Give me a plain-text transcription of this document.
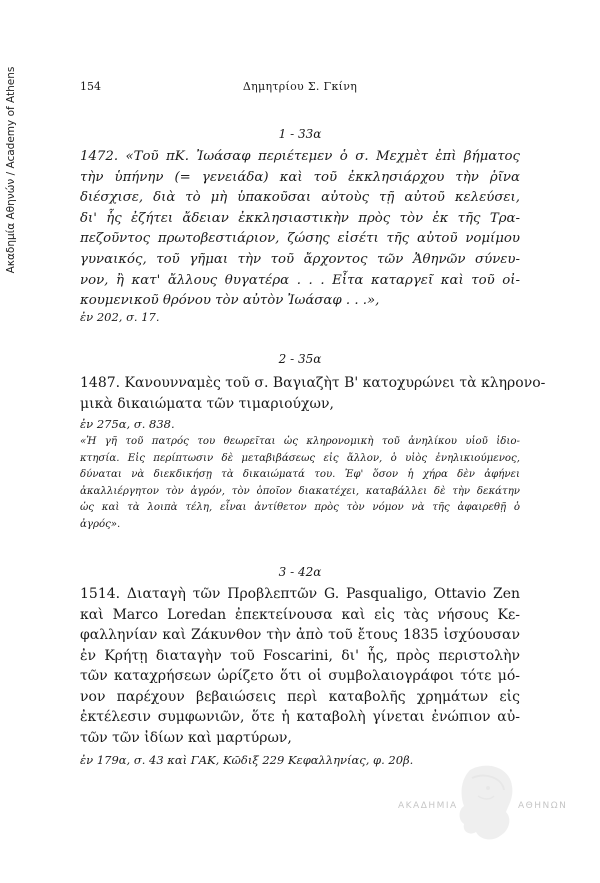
Ακαδημία Αθηνών / Academy of Athens	154	Δημητρίου Σ. Γκίνη
1 - 33α
1472. «Τοῦ πΚ. Ἰωάσαφ περιέτεμεν ὁ σ. Μεχμὲτ ἐπὶ βήματος
τὴν ὑπήνην (= γενειάδα) καὶ τοῦ ἐκκλησιάρχου τὴν ῥῖνα
διέσχισε, διὰ τὸ μὴ ὑπακοῦσαι αὐτοὺς τῇ αὐτοῦ κελεύσει,
δι' ἧς ἐζήτει ἄδειαν ἐκκλησιαστικὴν πρὸς τὸν ἐκ τῆς Τρα-
πεζοῦντος πρωτοβεστιάριον, ζώσης εἰσέτι τῆς αὐτοῦ νομίμου
γυναικός, τοῦ γῆμαι τὴν τοῦ ἄρχοντος τῶν Ἀθηνῶν σύνευ-
νον, ἢ κατ' ἄλλους θυγατέρα . . . Εἶτα καταργεῖ καὶ τοῦ οἰ-
κουμενικοῦ θρόνου τὸν αὐτὸν Ἰωάσαφ . . .»,
ἐν 202, σ. 17.
2 - 35α
1487. Κανουνναμὲς τοῦ σ. Βαγιαζὴτ Β' κατοχυρώνει τὰ κληρονο-
μικὰ δικαιώματα τῶν τιμαριούχων,
ἐν 275α, σ. 838.
«Ἡ γῆ τοῦ πατρός του θεωρεῖται ὡς κληρονομικὴ τοῦ ἀνηλίκου υἱοῦ ἰδιο-
κτησία. Εἰς περίπτωσιν δὲ μεταβιβάσεως εἰς ἄλλον, ὁ υἱὸς ἐνηλικιούμενος,
δύναται νὰ διεκδικήσῃ τὰ δικαιώματά του. Ἐφ' ὅσον ἡ χήρα δὲν ἀφήνει
ἀκαλλιέργητον τὸν ἀγρόν, τὸν ὁποῖον διακατέχει, καταβάλλει δὲ τὴν δεκάτην
ὡς καὶ τὰ λοιπὰ τέλη, εἶναι ἀντίθετον πρὸς τὸν νόμον νὰ τῆς ἀφαιρεθῇ ὁ
ἀγρός».
3 - 42α
1514. Διαταγὴ τῶν Προβλεπτῶν G. Pasqualigo, Ottavio Zen
καὶ Marco Loredan ἐπεκτείνουσα καὶ εἰς τὰς νήσους Κε-
φαλληνίαν καὶ Ζάκυνθον τὴν ἀπὸ τοῦ ἔτους 1835 ἰσχύουσαν
ἐν Κρήτῃ διαταγὴν τοῦ Foscarini, δι' ἧς, πρὸς περιστολὴν
τῶν καταχρήσεων ὡρίζετο ὅτι οἱ συμβολαιογράφοι τότε μό-
νον παρέχουν βεβαιώσεις περὶ καταβολῆς χρημάτων εἰς
ἐκτέλεσιν συμφωνιῶν, ὅτε ἡ καταβολὴ γίνεται ἐνώπιον αὐ-
τῶν τῶν ἰδίων καὶ μαρτύρων,
ἐν 179α, σ. 43 καὶ ΓΑΚ, Κῶδιξ 229 Κεφαλληνίας, φ. 20β.
ΑΚΑΔΗΜΙΑ	ΑΘΗΝΩΝ
